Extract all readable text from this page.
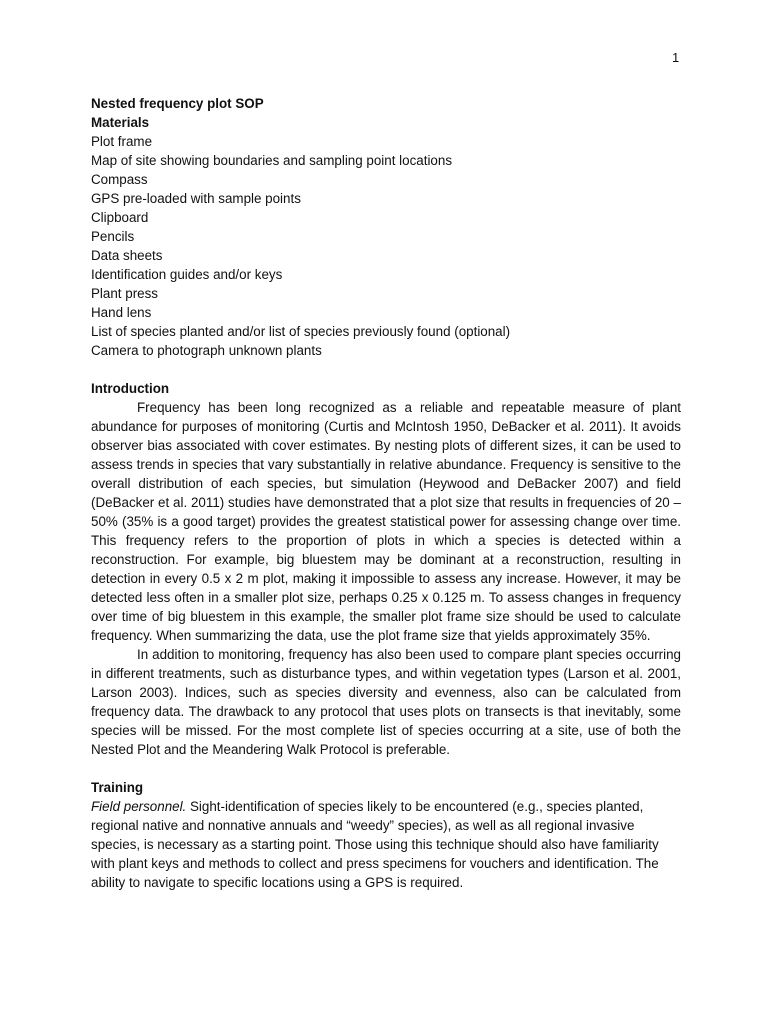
1

Nested frequency plot SOP

Materials

Plot frame
Map of site showing boundaries and sampling point locations
Compass
GPS pre-loaded with sample points
Clipboard
Pencils
Data sheets
Identification guides and/or keys
Plant press
Hand lens
List of species planted and/or list of species previously found (optional)
Camera to photograph unknown plants

Introduction

Frequency has been long recognized as a reliable and repeatable measure of plant abundance for purposes of monitoring (Curtis and McIntosh 1950, DeBacker et al. 2011). It avoids observer bias associated with cover estimates. By nesting plots of different sizes, it can be used to assess trends in species that vary substantially in relative abundance. Frequency is sensitive to the overall distribution of each species, but simulation (Heywood and DeBacker 2007) and field (DeBacker et al. 2011) studies have demonstrated that a plot size that results in frequencies of 20 – 50% (35% is a good target) provides the greatest statistical power for assessing change over time. This frequency refers to the proportion of plots in which a species is detected within a reconstruction. For example, big bluestem may be dominant at a reconstruction, resulting in detection in every 0.5 x 2 m plot, making it impossible to assess any increase. However, it may be detected less often in a smaller plot size, perhaps 0.25 x 0.125 m. To assess changes in frequency over time of big bluestem in this example, the smaller plot frame size should be used to calculate frequency. When summarizing the data, use the plot frame size that yields approximately 35%.

In addition to monitoring, frequency has also been used to compare plant species occurring in different treatments, such as disturbance types, and within vegetation types (Larson et al. 2001, Larson 2003). Indices, such as species diversity and evenness, also can be calculated from frequency data. The drawback to any protocol that uses plots on transects is that inevitably, some species will be missed. For the most complete list of species occurring at a site, use of both the Nested Plot and the Meandering Walk Protocol is preferable.

Training

Field personnel. Sight-identification of species likely to be encountered (e.g., species planted, regional native and nonnative annuals and “weedy” species), as well as all regional invasive species, is necessary as a starting point. Those using this technique should also have familiarity with plant keys and methods to collect and press specimens for vouchers and identification. The ability to navigate to specific locations using a GPS is required.
